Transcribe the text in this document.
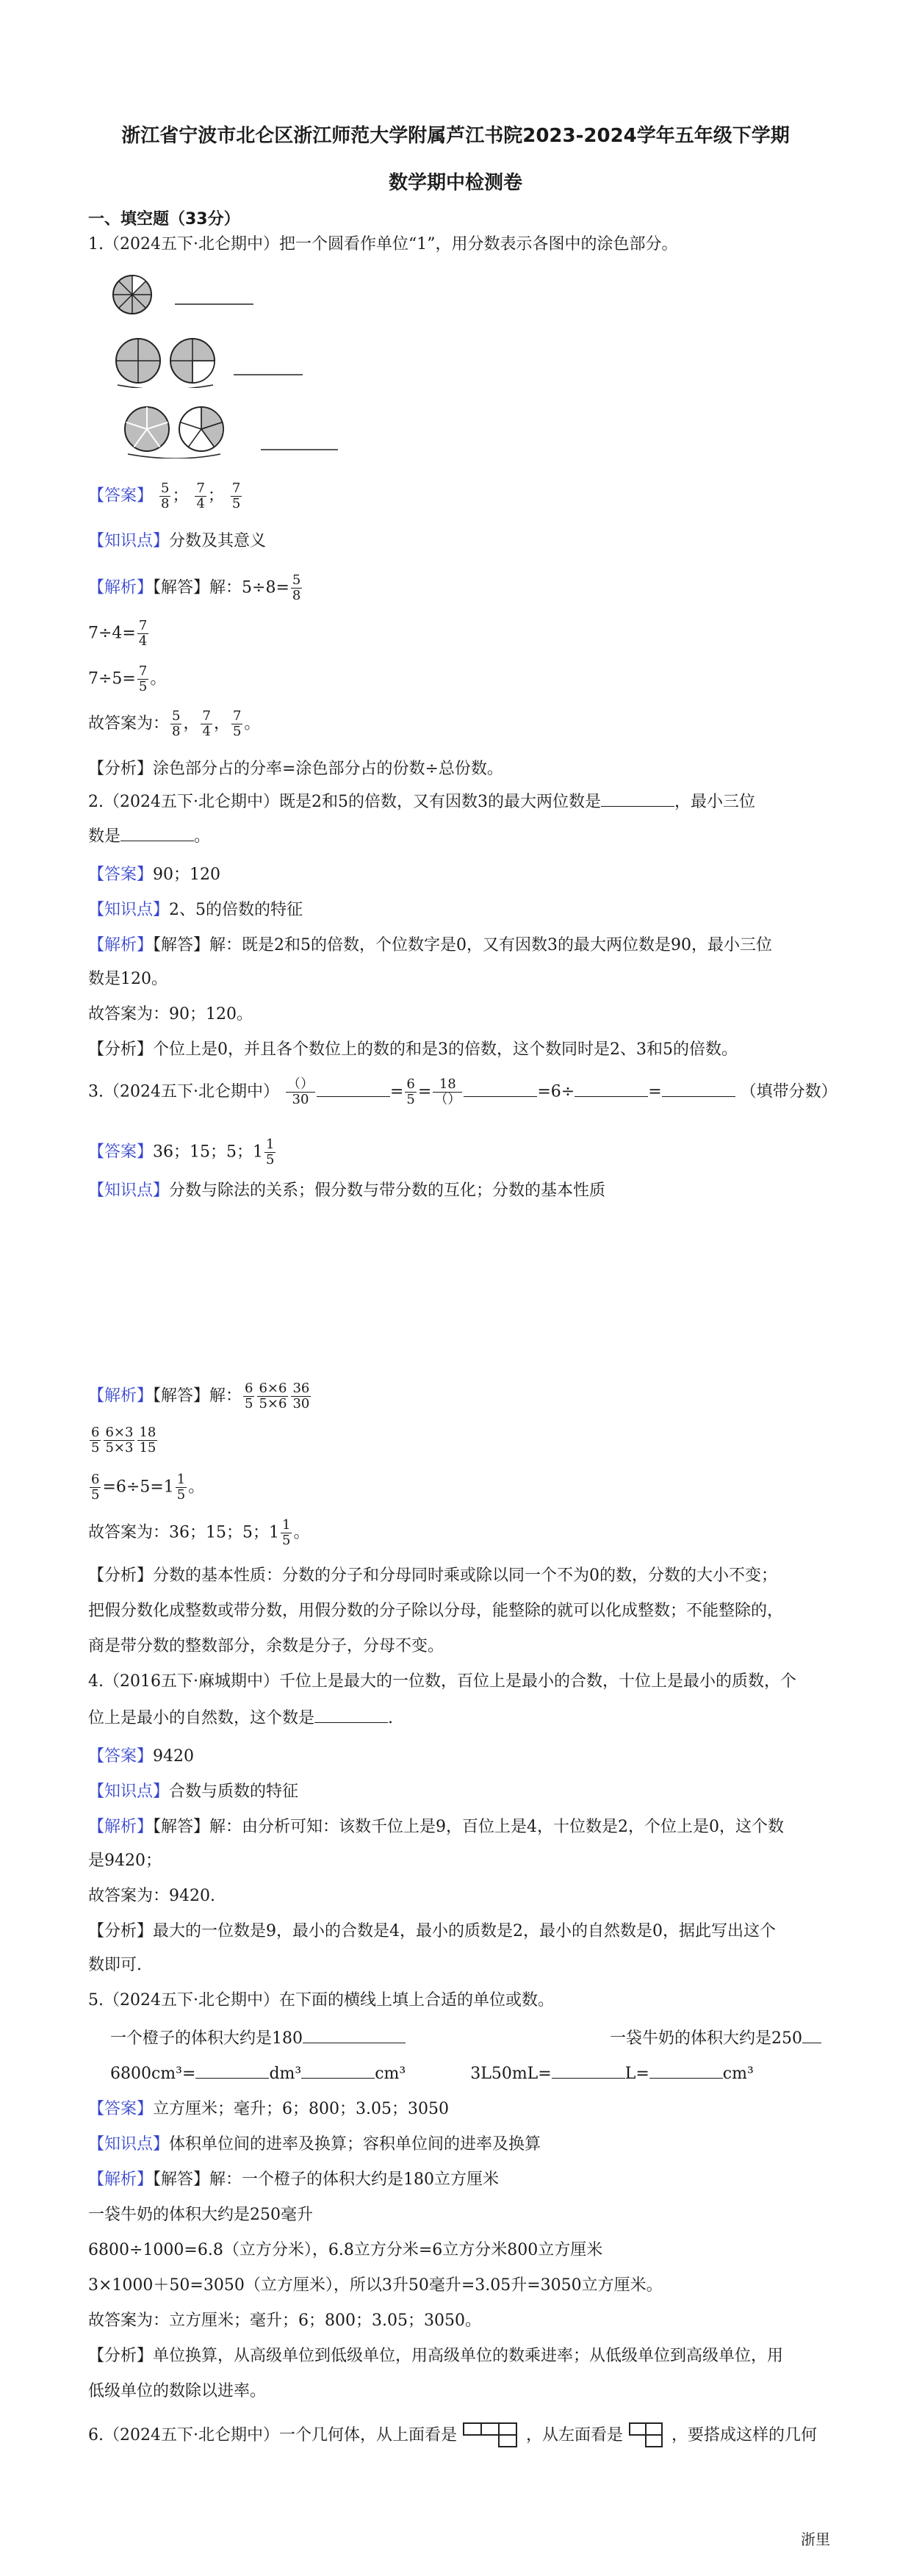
浙江省宁波市北仑区浙江师范大学附属芦江书院2023-2024学年五年级下学期
数学期中检测卷
一、填空题（33分）
1.（2024五下·北仑期中）把一个圆看作单位“1”，用分数表示各图中的涂色部分。
【答案】 $\frac{5}{8}$ ； $\frac{7}{4}$ ； $\frac{7}{5}$
【知识点】分数及其意义
【解析】【解答】解：$5\div 8= \frac{5}{8}$
$7\div 4= \frac{7}{4}$
$7\div 5= \frac{7}{5}$ 。
故答案为： $\frac{5}{8}$ ， $\frac{7}{4}$ ， $\frac{7}{5}$ 。
【分析】涂色部分占的分率=涂色部分占的份数÷总份数。
2.（2024五下·北仑期中）既是2和5的倍数，又有因数3的最大两位数是	，最小三位
数是	。
【答案】90；120
【知识点】2、5的倍数的特征
【解析】【解答】解：既是2和5的倍数，个位数字是0，又有因数3的最大两位数是90，最小三位
数是120。
故答案为：90；120。
【分析】个位上是0，并且各个数位上的数的和是3的倍数，这个数同时是2、3和5的倍数。
3.（2024五下·北仑期中） $\frac{()}{30}$	= $\frac{6}{5} = \frac{18}{()}$	=6÷	=	（填带分数）
【答案】36；15；5；$1 \frac{1}{5}$
【知识点】分数与除法的关系；假分数与带分数的互化；分数的基本性质
【解析】【解答】解： $\frac{6}{5} \frac{6\times 6}{5\times 6} \frac{36}{30}$
$\frac{6}{5} \frac{6\times 3}{5\times 3} \frac{18}{15}$
$\frac{6}{5} =6\div 5=1 \frac{1}{5}$ 。
故答案为：36；15；5；$1 \frac{1}{5}$ 。
【分析】分数的基本性质：分数的分子和分母同时乘或除以同一个不为0的数，分数的大小不变；
把假分数化成整数或带分数，用假分数的分子除以分母，能整除的就可以化成整数；不能整除的，
商是带分数的整数部分，余数是分子，分母不变。
4.（2016五下·麻城期中）千位上是最大的一位数，百位上是最小的合数，十位上是最小的质数，个
位上是最小的自然数，这个数是	.
【答案】9420
【知识点】合数与质数的特征
【解析】【解答】解：由分析可知：该数千位上是9，百位上是4，十位数是2，个位上是0，这个数
是9420；
故答案为：9420.
【分析】最大的一位数是9，最小的合数是4，最小的质数是2，最小的自然数是0，据此写出这个
数即可.
5.（2024五下·北仑期中）在下面的横线上填上合适的单位或数。
一个橙子的体积大约是180	一袋牛奶的体积大约是250
6800cm³=	dm³	cm³	3L50mL=	L=	cm³
【答案】立方厘米；毫升；6；800；3.05；3050
【知识点】体积单位间的进率及换算；容积单位间的进率及换算
【解析】【解答】解：一个橙子的体积大约是180立方厘米
一袋牛奶的体积大约是250毫升
6800÷1000=6.8（立方分米），6.8立方分米=6立方分米800立方厘米
3×1000＋50=3050（立方厘米），所以3升50毫升=3.05升=3050立方厘米。
故答案为：立方厘米；毫升；6；800；3.05；3050。
【分析】单位换算，从高级单位到低级单位，用高级单位的数乘进率；从低级单位到高级单位，用
低级单位的数除以进率。
6.（2024五下·北仑期中）一个几何体，从上面看是	，从左面看是	，要搭成这样的几何
浙里
